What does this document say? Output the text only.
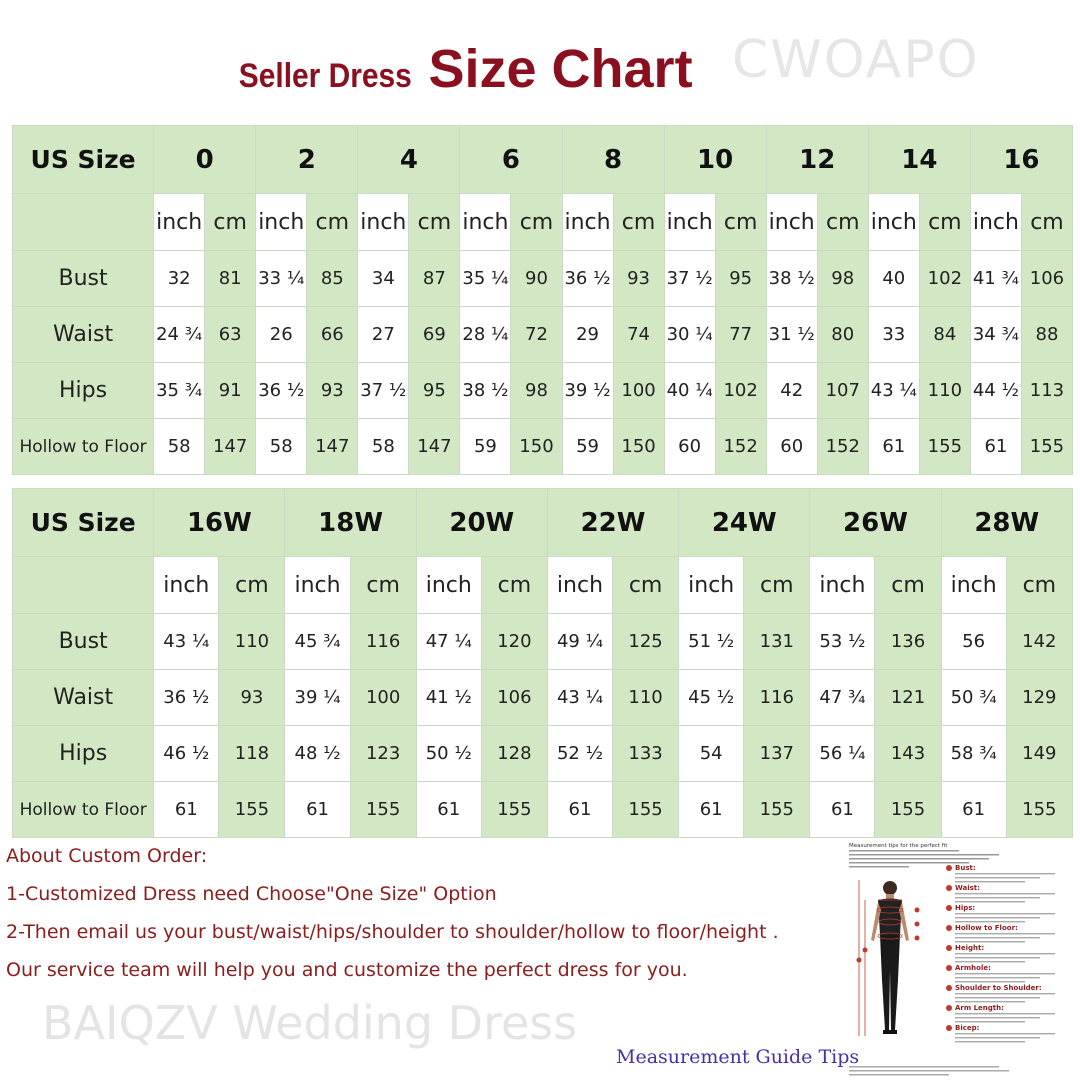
Seller Dress Size Chart CWOAPO
US Size	0		2		4		6		8		10		12		14		16	
	inch	cm	inch	cm	inch	cm	inch	cm	inch	cm	inch	cm	inch	cm	inch	cm	inch	cm
Bust	32	81	33 ¼	85	34	87	35 ¼	90	36 ½	93	37 ½	95	38 ½	98	40	102	41 ¾	106
Waist	24 ¾	63	26	66	27	69	28 ¼	72	29	74	30 ¼	77	31 ½	80	33	84	34 ¾	88
Hips	35 ¾	91	36 ½	93	37 ½	95	38 ½	98	39 ½	100	40 ¼	102	42	107	43 ¼	110	44 ½	113
Hollow to Floor	58	147	58	147	58	147	59	150	59	150	60	152	60	152	61	155	61	155
US Size	16W		18W		20W		22W		24W		26W		28W	
	inch	cm	inch	cm	inch	cm	inch	cm	inch	cm	inch	cm	inch	cm
Bust	43 ¼	110	45 ¾	116	47 ¼	120	49 ¼	125	51 ½	131	53 ½	136	56	142
Waist	36 ½	93	39 ¼	100	41 ½	106	43 ¼	110	45 ½	116	47 ¾	121	50 ¾	129
Hips	46 ½	118	48 ½	123	50 ½	128	52 ½	133	54	137	56 ¼	143	58 ¾	149
Hollow to Floor	61	155	61	155	61	155	61	155	61	155	61	155	61	155
About Custom Order:
1-Customized Dress need Choose"One Size" Option
2-Then email us your bust/waist/hips/shoulder to shoulder/hollow to floor/height .
Our service team will help you and customize the perfect dress for you.
BAIQZV Wedding Dress
Measurement tips for the perfect fit
Bust:
Waist:
Hips:
Hollow to Floor:
Height:
Armhole:
Shoulder to Shoulder:
Arm Length:
Bicep:
Measurement Guide Tips
